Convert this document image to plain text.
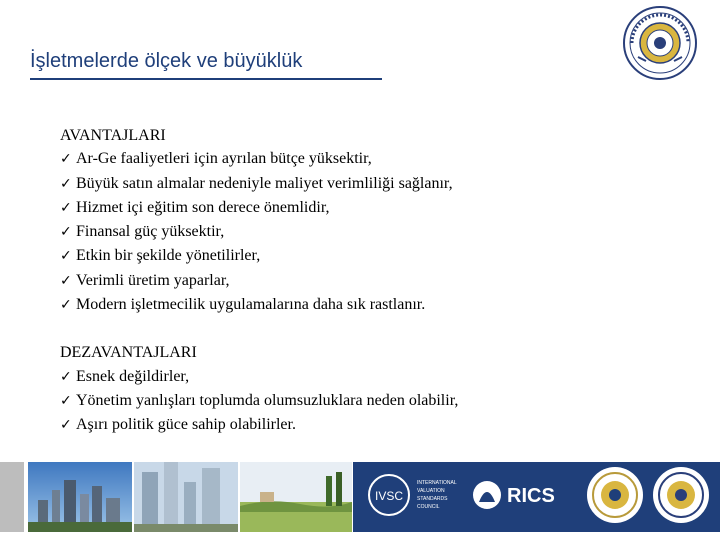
İşletmelerde ölçek ve büyüklük

AVANTAJLARI

✓ Ar-Ge faaliyetleri için ayrılan bütçe yüksektir,
✓ Büyük satın almalar nedeniyle maliyet verimliliği sağlanır,
✓ Hizmet içi eğitim son derece önemlidir,
✓ Finansal güç yüksektir,
✓ Etkin bir şekilde yönetilirler,
✓ Verimli üretim yaparlar,
✓ Modern işletmecilik uygulamalarına daha sık rastlanır.

DEZAVANTAJLARI

✓ Esnek değildirler,
✓ Yönetim yanlışları toplumda olumsuzluklara neden olabilir,
✓ Aşırı politik güce sahip olabilirler.
IVSC
INTERNATIONAL
VALUATION
STANDARDS
COUNCIL	RICS
